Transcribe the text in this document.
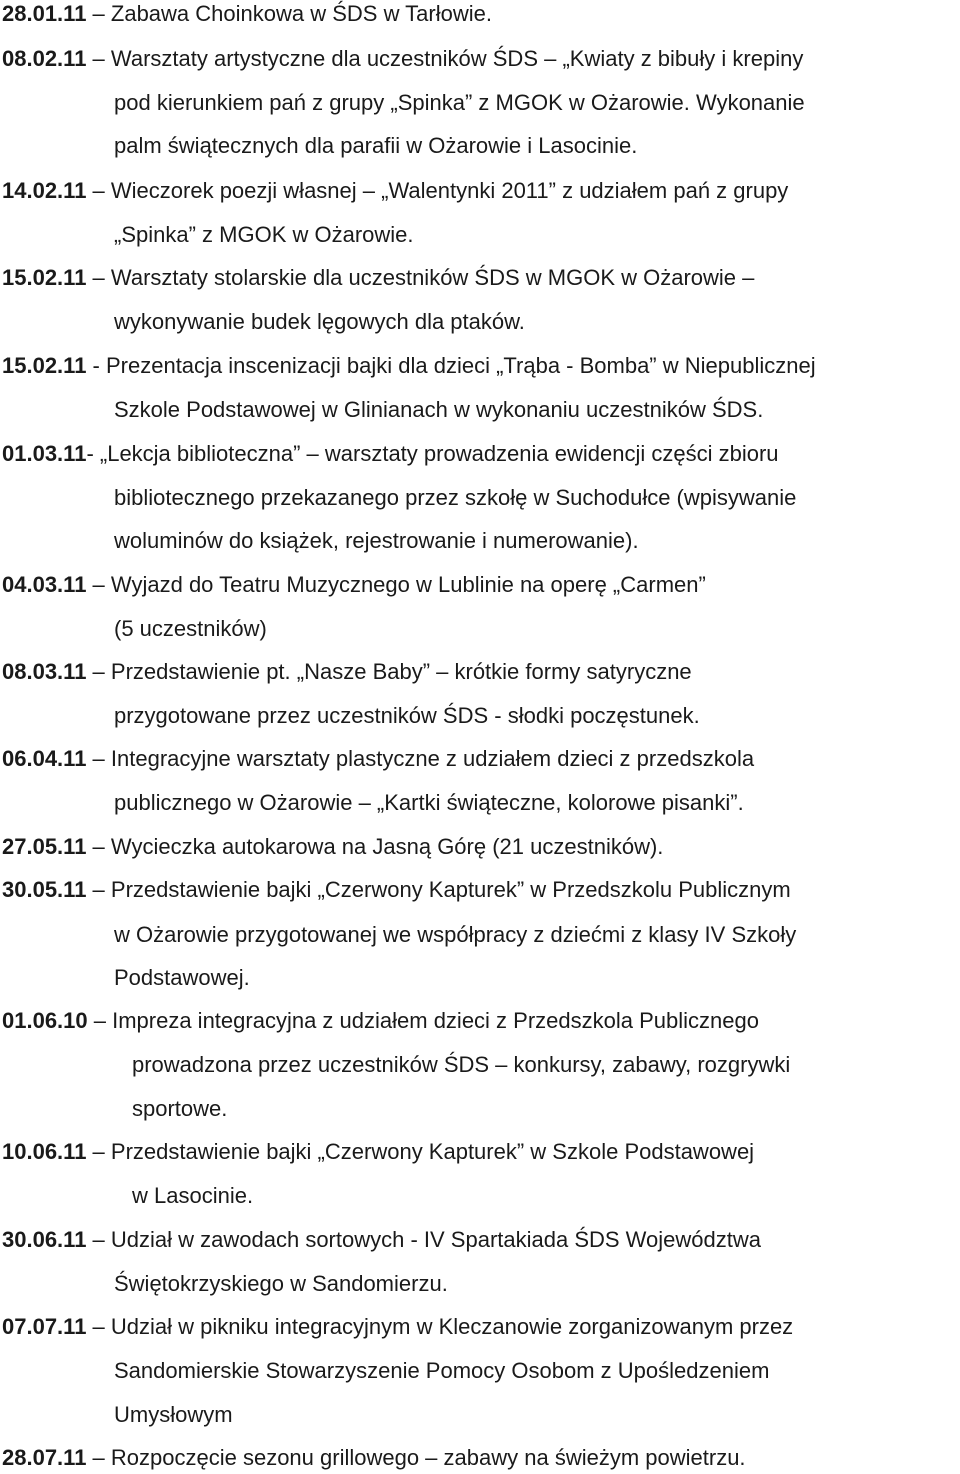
28.01.11 – Zabawa Choinkowa w ŚDS w Tarłowie.
08.02.11 – Warsztaty artystyczne dla uczestników ŚDS – „Kwiaty z bibuły i krepiny
pod kierunkiem pań z grupy „Spinka” z MGOK w Ożarowie. Wykonanie
palm świątecznych dla parafii w Ożarowie i Lasocinie.
14.02.11 – Wieczorek poezji własnej – „Walentynki 2011” z udziałem pań z grupy
„Spinka” z MGOK w Ożarowie.
15.02.11 – Warsztaty stolarskie dla uczestników ŚDS w MGOK w Ożarowie –
wykonywanie budek lęgowych dla ptaków.
15.02.11 - Prezentacja inscenizacji bajki dla dzieci „Trąba - Bomba” w Niepublicznej
Szkole Podstawowej w Glinianach w wykonaniu uczestników ŚDS.
01.03.11- „Lekcja biblioteczna” – warsztaty prowadzenia ewidencji części zbioru
bibliotecznego przekazanego przez szkołę w Suchodułce (wpisywanie
woluminów do książek, rejestrowanie i numerowanie).
04.03.11 – Wyjazd do Teatru Muzycznego w Lublinie na operę „Carmen”
(5 uczestników)
08.03.11 – Przedstawienie pt. „Nasze Baby” – krótkie formy satyryczne
przygotowane przez uczestników ŚDS - słodki poczęstunek.
06.04.11 – Integracyjne warsztaty plastyczne z udziałem dzieci z przedszkola
publicznego w Ożarowie – „Kartki świąteczne, kolorowe pisanki”.
27.05.11 – Wycieczka autokarowa na Jasną Górę (21 uczestników).
30.05.11 – Przedstawienie bajki „Czerwony Kapturek” w Przedszkolu Publicznym
w Ożarowie przygotowanej we współpracy z dziećmi z klasy IV Szkoły
Podstawowej.
01.06.10 – Impreza integracyjna z udziałem dzieci z Przedszkola Publicznego
prowadzona przez uczestników ŚDS – konkursy, zabawy, rozgrywki
sportowe.
10.06.11 – Przedstawienie bajki „Czerwony Kapturek” w Szkole Podstawowej
w Lasocinie.
30.06.11 – Udział w zawodach sortowych - IV Spartakiada ŚDS Województwa
Świętokrzyskiego w Sandomierzu.
07.07.11 – Udział w pikniku integracyjnym w Kleczanowie zorganizowanym przez
Sandomierskie Stowarzyszenie Pomocy Osobom z Upośledzeniem
Umysłowym
28.07.11 – Rozpoczęcie sezonu grillowego – zabawy na świeżym powietrzu.
